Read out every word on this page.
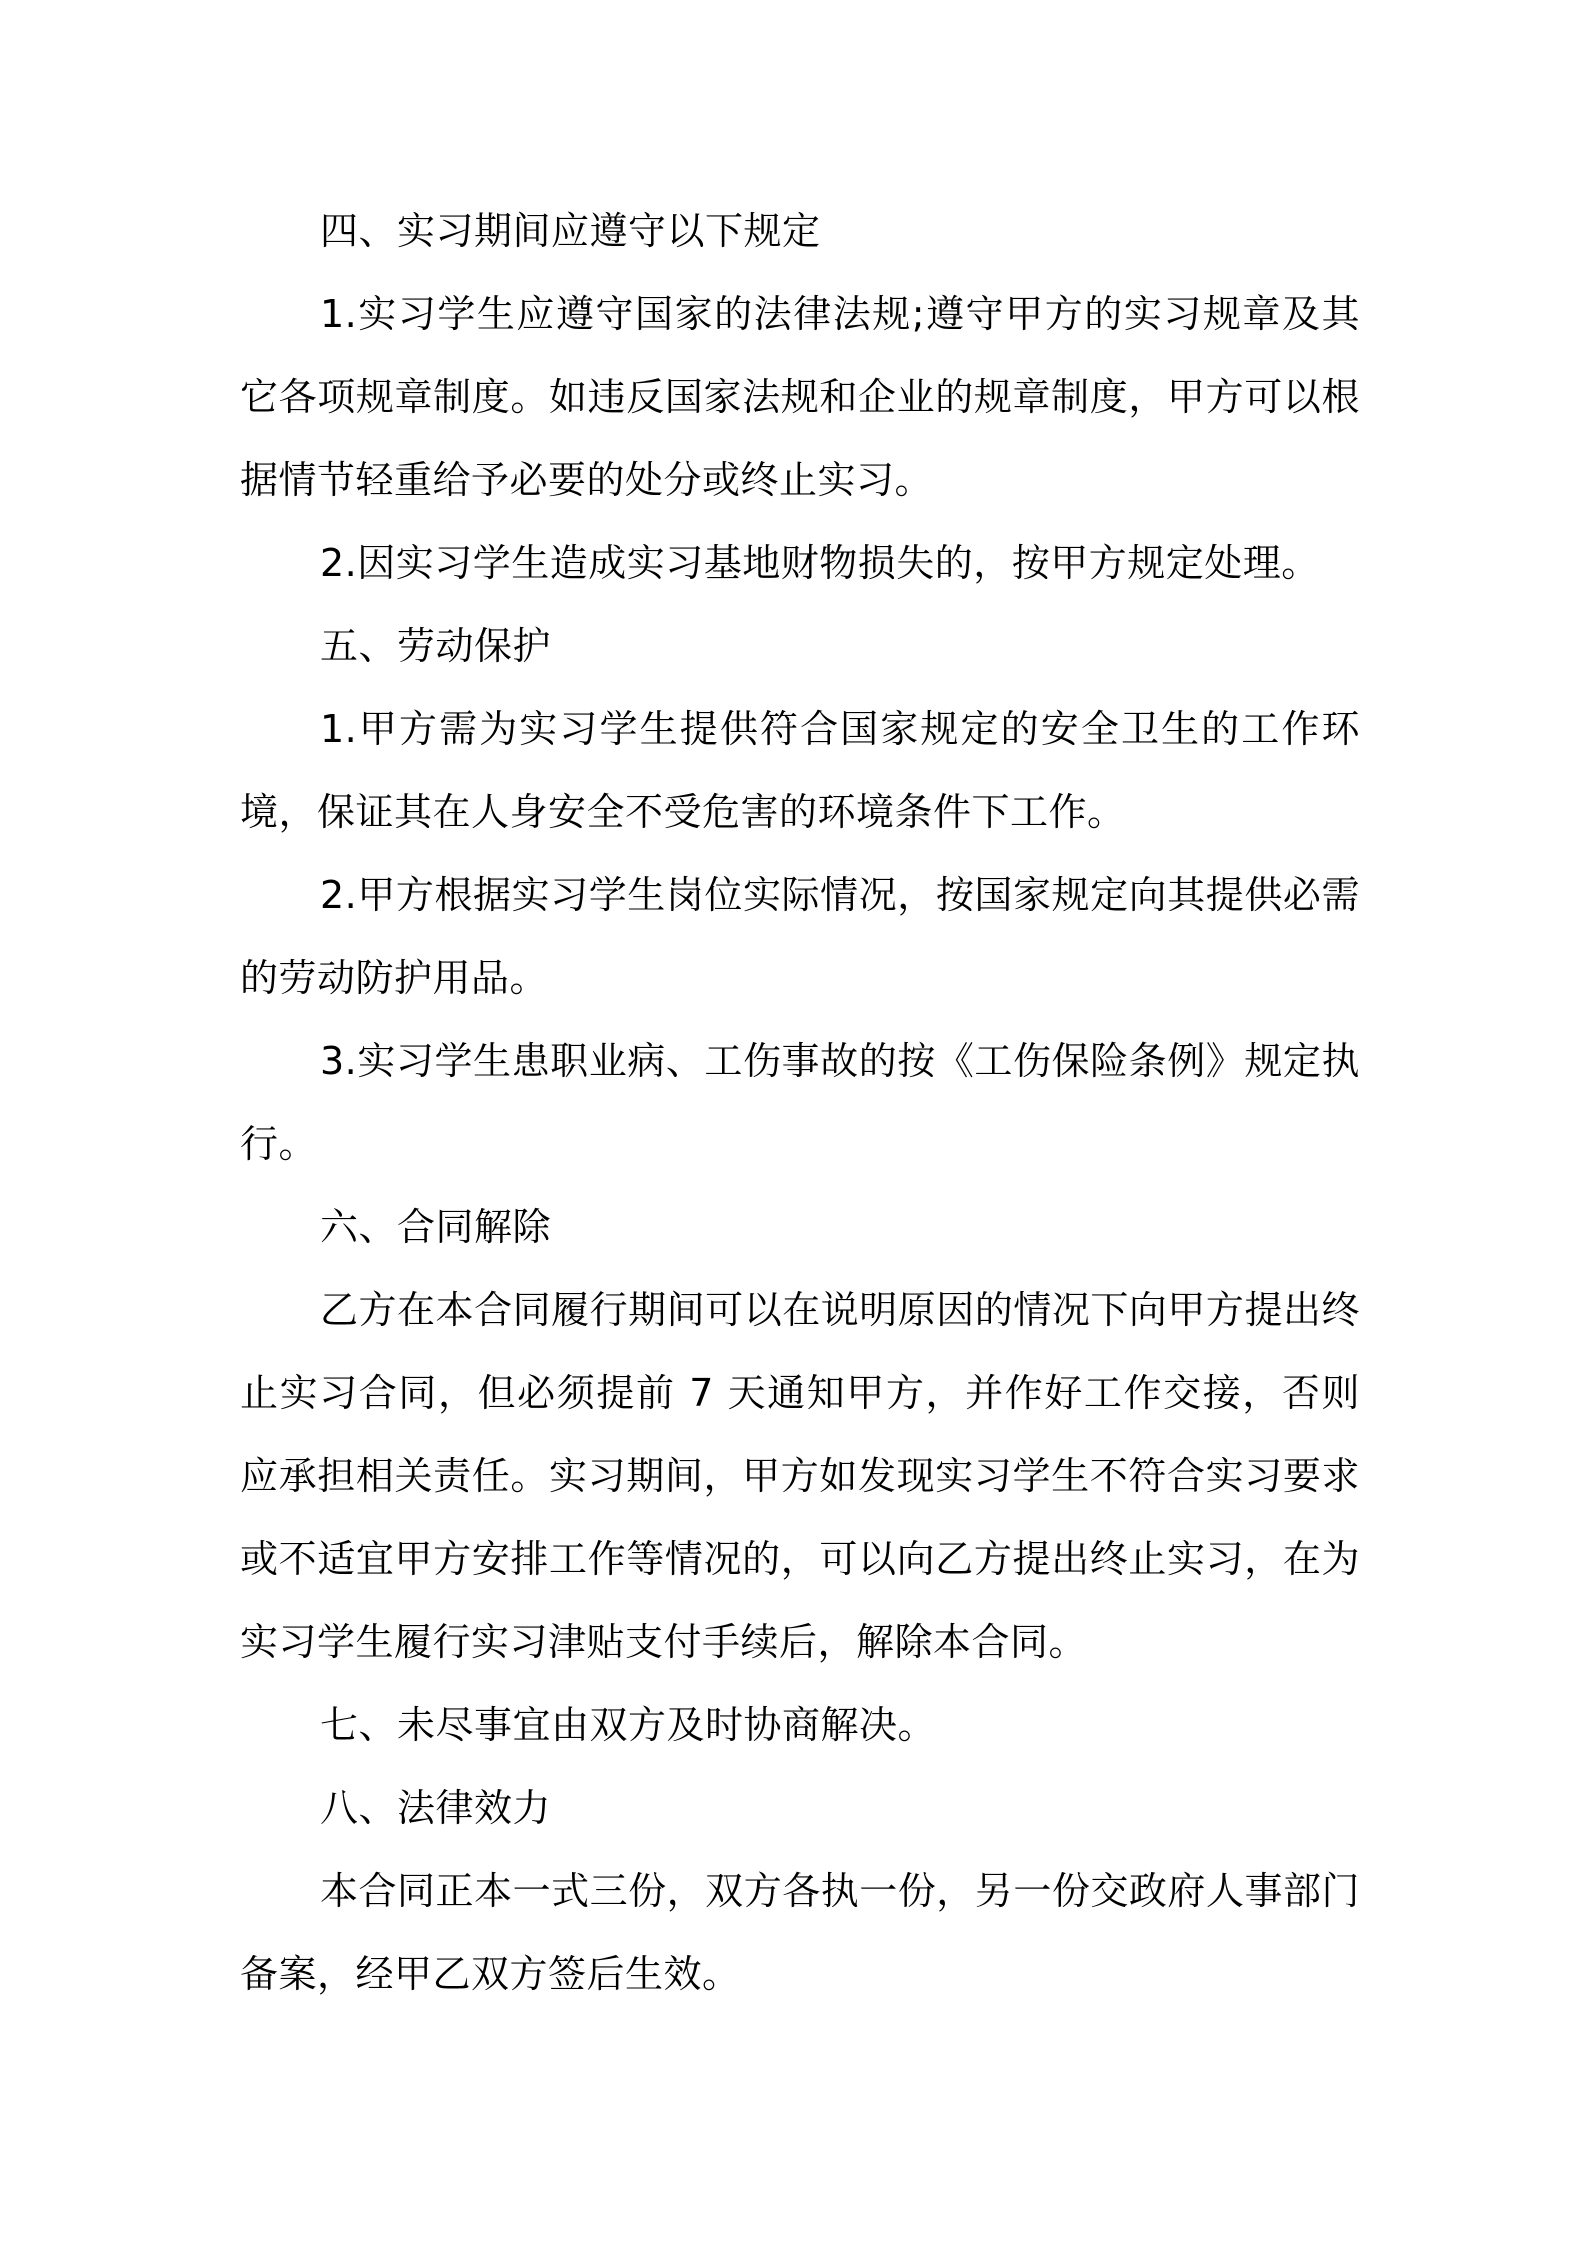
四、实习期间应遵守以下规定

1.实习学生应遵守国家的法律法规;遵守甲方的实习规章及其它各项规章制度。如违反国家法规和企业的规章制度，甲方可以根据情节轻重给予必要的处分或终止实习。

2.因实习学生造成实习基地财物损失的，按甲方规定处理。

五、劳动保护

1.甲方需为实习学生提供符合国家规定的安全卫生的工作环境，保证其在人身安全不受危害的环境条件下工作。

2.甲方根据实习学生岗位实际情况，按国家规定向其提供必需的劳动防护用品。

3.实习学生患职业病、工伤事故的按《工伤保险条例》规定执行。

六、合同解除

乙方在本合同履行期间可以在说明原因的情况下向甲方提出终止实习合同，但必须提前 7 天通知甲方，并作好工作交接，否则应承担相关责任。实习期间，甲方如发现实习学生不符合实习要求或不适宜甲方安排工作等情况的，可以向乙方提出终止实习，在为实习学生履行实习津贴支付手续后，解除本合同。

七、未尽事宜由双方及时协商解决。

八、法律效力

本合同正本一式三份，双方各执一份，另一份交政府人事部门备案，经甲乙双方签后生效。
